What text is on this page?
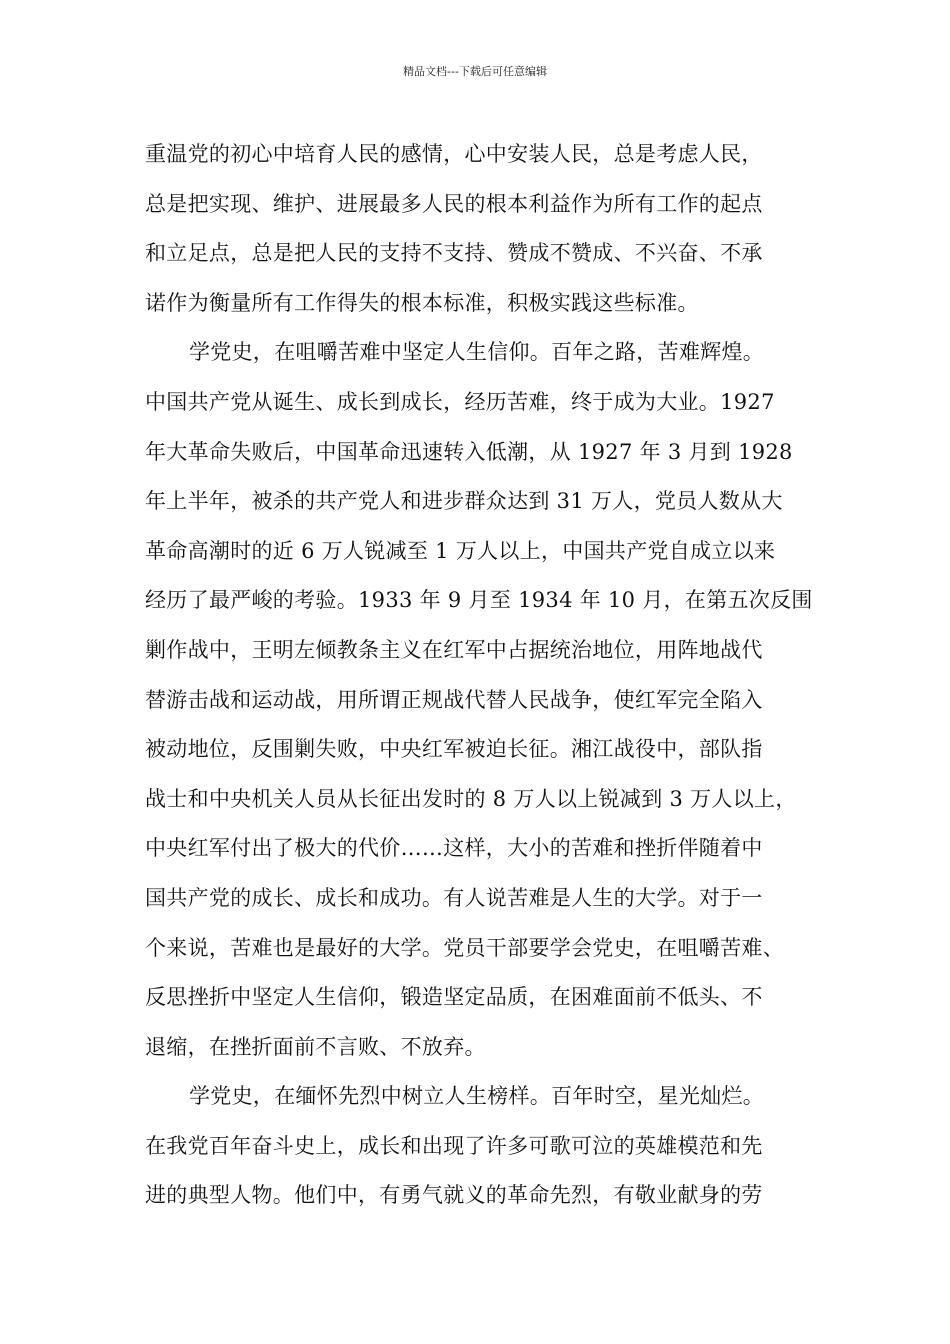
精品文档---下载后可任意编辑
重温党的初心中培育人民的感情，心中安装人民，总是考虑人民，
总是把实现、维护、进展最多人民的根本利益作为所有工作的起点
和立足点，总是把人民的支持不支持、赞成不赞成、不兴奋、不承
诺作为衡量所有工作得失的根本标准，积极实践这些标准。
学党史，在咀嚼苦难中坚定人生信仰。百年之路，苦难辉煌。
中国共产党从诞生、成长到成长，经历苦难，终于成为大业。1927
年大革命失败后，中国革命迅速转入低潮，从 1927 年 3 月到 1928
年上半年，被杀的共产党人和进步群众达到 31 万人，党员人数从大
革命高潮时的近 6 万人锐减至 1 万人以上，中国共产党自成立以来
经历了最严峻的考验。1933 年 9 月至 1934 年 10 月，在第五次反围
剿作战中，王明左倾教条主义在红军中占据统治地位，用阵地战代
替游击战和运动战，用所谓正规战代替人民战争，使红军完全陷入
被动地位，反围剿失败，中央红军被迫长征。湘江战役中，部队指
战士和中央机关人员从长征出发时的 8 万人以上锐减到 3 万人以上，
中央红军付出了极大的代价……这样，大小的苦难和挫折伴随着中
国共产党的成长、成长和成功。有人说苦难是人生的大学。对于一
个来说，苦难也是最好的大学。党员干部要学会党史，在咀嚼苦难、
反思挫折中坚定人生信仰，锻造坚定品质，在困难面前不低头、不
退缩，在挫折面前不言败、不放弃。
学党史，在缅怀先烈中树立人生榜样。百年时空，星光灿烂。
在我党百年奋斗史上，成长和出现了许多可歌可泣的英雄模范和先
进的典型人物。他们中，有勇气就义的革命先烈，有敬业献身的劳
